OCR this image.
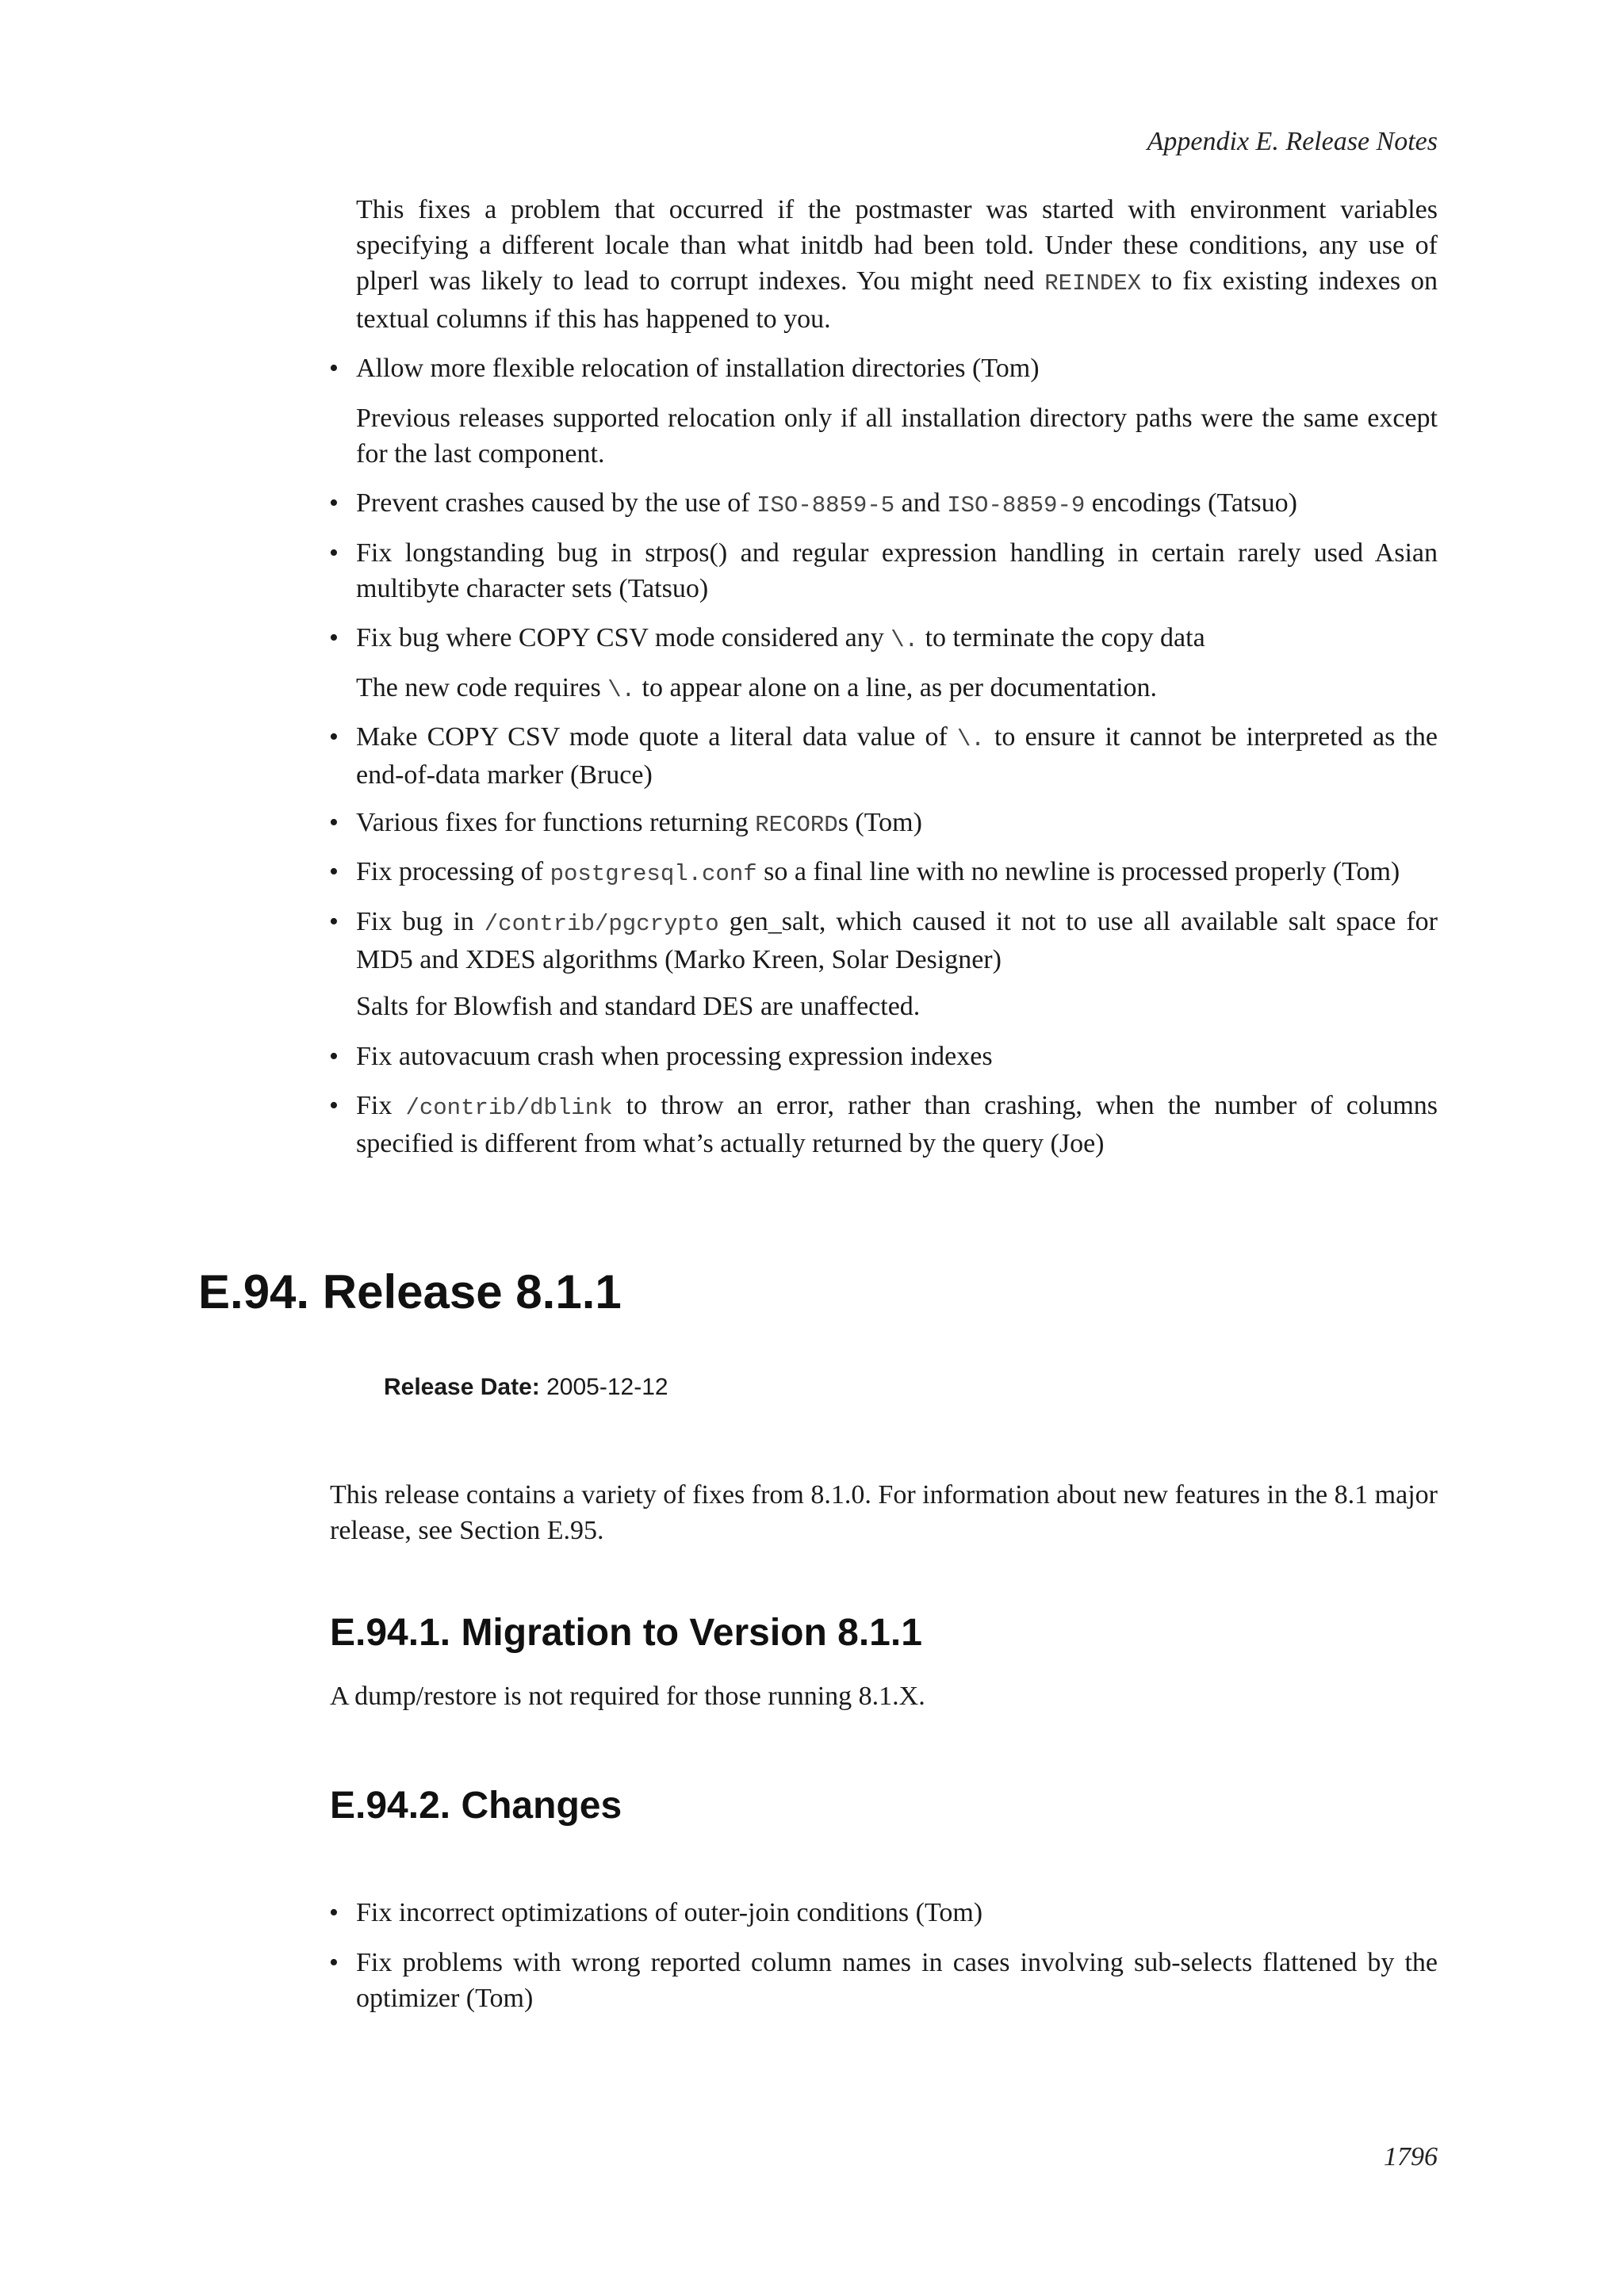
Appendix E. Release Notes

This fixes a problem that occurred if the postmaster was started with environment variables specifying a different locale than what initdb had been told. Under these conditions, any use of plperl was likely to lead to corrupt indexes. You might need REINDEX to fix existing indexes on textual columns if this has happened to you.

• Allow more flexible relocation of installation directories (Tom)

Previous releases supported relocation only if all installation directory paths were the same except for the last component.

• Prevent crashes caused by the use of ISO-8859-5 and ISO-8859-9 encodings (Tatsuo)
• Fix longstanding bug in strpos() and regular expression handling in certain rarely used Asian multibyte character sets (Tatsuo)
• Fix bug where COPY CSV mode considered any \. to terminate the copy data

The new code requires \. to appear alone on a line, as per documentation.

• Make COPY CSV mode quote a literal data value of \. to ensure it cannot be interpreted as the end-of-data marker (Bruce)
• Various fixes for functions returning RECORDs (Tom)
• Fix processing of postgresql.conf so a final line with no newline is processed properly (Tom)
• Fix bug in /contrib/pgcrypto gen_salt, which caused it not to use all available salt space for MD5 and XDES algorithms (Marko Kreen, Solar Designer)

Salts for Blowfish and standard DES are unaffected.

• Fix autovacuum crash when processing expression indexes
• Fix /contrib/dblink to throw an error, rather than crashing, when the number of columns specified is different from what’s actually returned by the query (Joe)
E.94. Release 8.1.1
Release Date: 2005-12-12
This release contains a variety of fixes from 8.1.0. For information about new features in the 8.1 major release, see Section E.95.
E.94.1. Migration to Version 8.1.1
A dump/restore is not required for those running 8.1.X.
E.94.2. Changes
• Fix incorrect optimizations of outer-join conditions (Tom)
• Fix problems with wrong reported column names in cases involving sub-selects flattened by the optimizer (Tom)
1796
